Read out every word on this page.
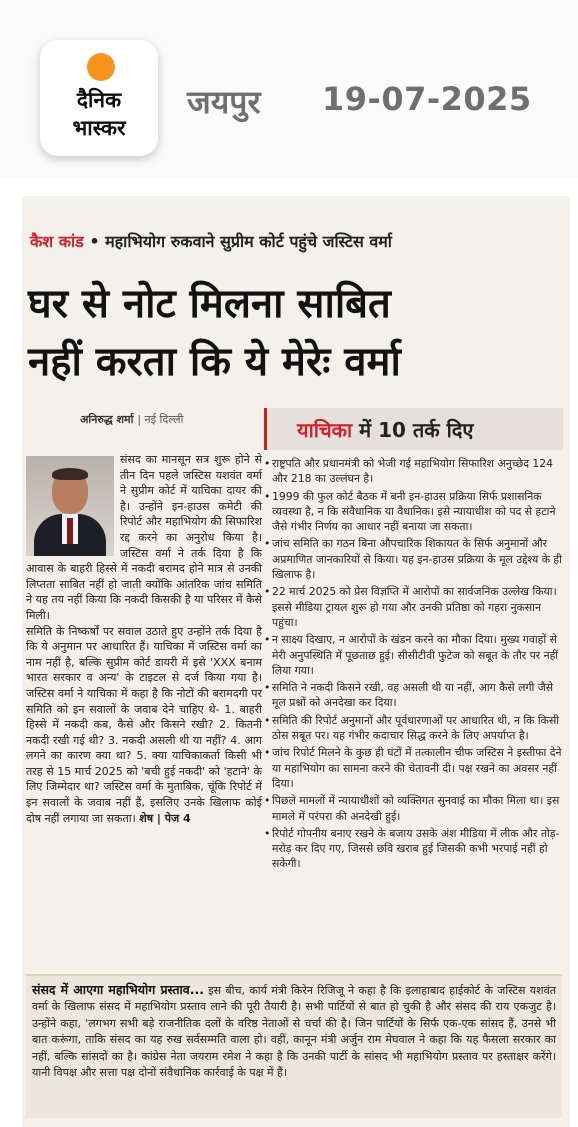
दैनिक
भास्कर
जयपुर 19-07-2025
कैश कांड • महाभियोग रुकवाने सुप्रीम कोर्ट पहुंचे जस्टिस वर्मा
घर से नोट मिलना साबित
नहीं करता कि ये मेरेः वर्मा
अनिरुद्ध शर्मा | नई दिल्ली	याचिका में 10 तर्क दिए

संसद का मानसून सत्र शुरू होने से तीन दिन पहले जस्टिस यशवंत वर्मा ने सुप्रीम कोर्ट में याचिका दायर की है। उन्होंने इन-हाउस कमेटी की रिपोर्ट और महाभियोग की सिफारिश रद्द करने का अनुरोध किया है। जस्टिस वर्मा ने तर्क दिया है कि आवास के बाहरी हिस्से में नकदी बरामद होने मात्र से उनकी लिप्तता साबित नहीं हो जाती क्योंकि आंतरिक जांच समिति ने यह तय नहीं किया कि नकदी किसकी है या परिसर में कैसे मिली।

समिति के निष्कर्षों पर सवाल उठाते हुए उन्होंने तर्क दिया है कि ये अनुमान पर आधारित हैं। याचिका में जस्टिस वर्मा का नाम नहीं है, बल्कि सुप्रीम कोर्ट डायरी में इसे 'XXX बनाम भारत सरकार व अन्य' के टाइटल से दर्ज किया गया है। जस्टिस वर्मा ने याचिका में कहा है कि नोटों की बरामदगी पर समिति को इन सवालों के जवाब देने चाहिए थे- 1. बाहरी हिस्से में नकदी कब, कैसे और किसने रखी? 2. कितनी नकदी रखी गई थी? 3. नकदी असली थी या नहीं? 4. आग लगने का कारण क्या था? 5. क्या याचिकाकर्ता किसी भी तरह से 15 मार्च 2025 को 'बची हुई नकदी' को 'हटाने' के लिए जिम्मेदार था? जस्टिस वर्मा के मुताबिक, चूंकि रिपोर्ट में इन सवालों के जवाब नहीं हैं, इसलिए उनके खिलाफ कोई दोष नहीं लगाया जा सकता। शेष | पेज 4

• राष्ट्रपति और प्रधानमंत्री को भेजी गई महाभियोग सिफारिश अनुच्छेद 124 और 218 का उल्लंघन है।

• 1999 की फुल कोर्ट बैठक में बनी इन-हाउस प्रक्रिया सिर्फ प्रशासनिक व्यवस्था है, न कि संवैधानिक या वैधानिक। इसे न्यायाधीश को पद से हटाने जैसे गंभीर निर्णय का आधार नहीं बनाया जा सकता।

• जांच समिति का गठन बिना औपचारिक शिकायत के सिर्फ अनुमानों और अप्रमाणित जानकारियों से किया। यह इन-हाउस प्रक्रिया के मूल उद्देश्य के ही खिलाफ है।

• 22 मार्च 2025 को प्रेस विज्ञप्ति में आरोपों का सार्वजनिक उल्लेख किया। इससे मीडिया ट्रायल शुरू हो गया और उनकी प्रतिष्ठा को गहरा नुकसान पहुंचा।

• न साक्ष्य दिखाए, न आरोपों के खंडन करने का मौका दिया। मुख्य गवाहों से मेरी अनुपस्थिति में पूछताछ हुई। सीसीटीवी फुटेज को सबूत के तौर पर नहीं लिया गया।

• समिति ने नकदी किसने रखी, वह असली थी या नहीं, आग कैसे लगी जैसे मूल प्रश्नों को अनदेखा कर दिया।

• समिति की रिपोर्ट अनुमानों और पूर्वधारणाओं पर आधारित थी, न कि किसी ठोस सबूत पर। यह गंभीर कदाचार सिद्ध करने के लिए अपर्याप्त है।

• जांच रिपोर्ट मिलने के कुछ ही घंटों में तत्कालीन चीफ जस्टिस ने इस्तीफा देने या महाभियोग का सामना करने की चेतावनी दी। पक्ष रखने का अवसर नहीं दिया।

• पिछले मामलों में न्यायाधीशों को व्यक्तिगत सुनवाई का मौका मिला था। इस मामले में परंपरा की अनदेखी हुई।

• रिपोर्ट गोपनीय बनाए रखने के बजाय उसके अंश मीडिया में लीक और तोड़-मरोड़ कर दिए गए, जिससे छवि खराब हुई जिसकी कभी भरपाई नहीं हो सकेगी।

संसद में आएगा महाभियोग प्रस्ताव... इस बीच, कार्य मंत्री किरेन रिजिजू ने कहा है कि इलाहाबाद हाईकोर्ट के जस्टिस यशवंत वर्मा के खिलाफ संसद में महाभियोग प्रस्ताव लाने की पूरी तैयारी है। सभी पार्टियों से बात हो चुकी है और संसद की राय एकजुट है। उन्होंने कहा, 'लगभग सभी बड़े राजनीतिक दलों के वरिष्ठ नेताओं से चर्चा की है। जिन पार्टियों के सिर्फ एक-एक सांसद हैं, उनसे भी बात करूंगा, ताकि संसद का यह रुख सर्वसम्मति वाला हो। वहीं, कानून मंत्री अर्जुन राम मेघवाल ने कहा कि यह फैसला सरकार का नहीं, बल्कि सांसदों का है। कांग्रेस नेता जयराम रमेश ने कहा है कि उनकी पार्टी के सांसद भी महाभियोग प्रस्ताव पर हस्ताक्षर करेंगे। यानी विपक्ष और सत्ता पक्ष दोनों संवैधानिक कार्रवाई के पक्ष में हैं।
